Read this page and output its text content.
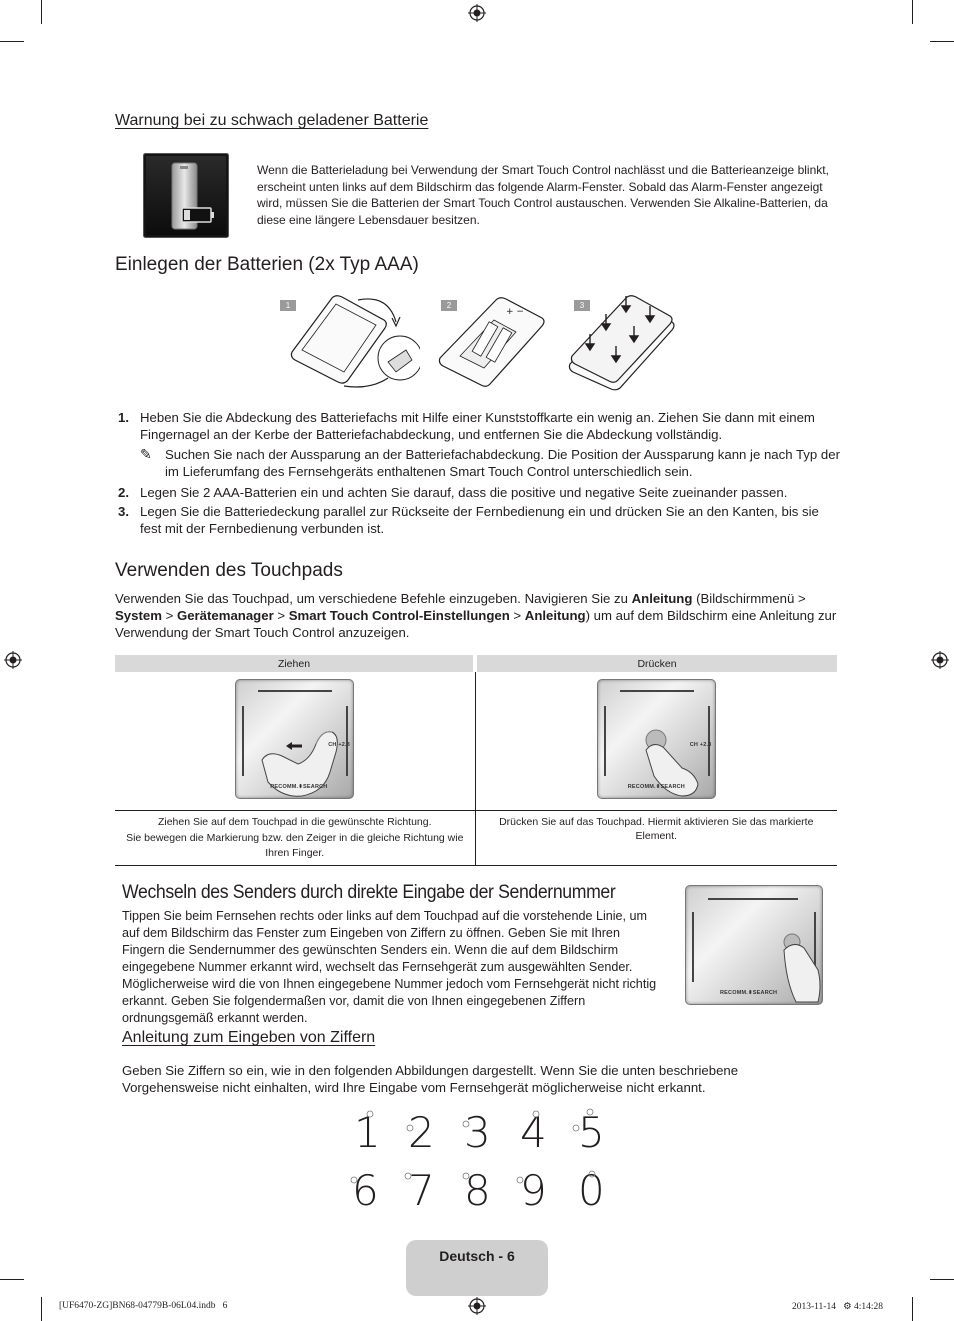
Warnung bei zu schwach geladener Batterie

Wenn die Batterieladung bei Verwendung der Smart Touch Control nachlässt und die Batterieanzeige blinkt, erscheint unten links auf dem Bildschirm das folgende Alarm-Fenster. Sobald das Alarm-Fenster angezeigt wird, müssen Sie die Batterien der Smart Touch Control austauschen. Verwenden Sie Alkaline-Batterien, da diese eine längere Lebensdauer besitzen.

Einlegen der Batterien (2x Typ AAA)
1	2
+ −
3
1. Heben Sie die Abdeckung des Batteriefachs mit Hilfe einer Kunststoffkarte ein wenig an. Ziehen Sie dann mit einem Fingernagel an der Kerbe der Batteriefachabdeckung, und entfernen Sie die Abdeckung vollständig.
✎ Suchen Sie nach der Aussparung an der Batteriefachabdeckung. Die Position der Aussparung kann je nach Typ der im Lieferumfang des Fernsehgeräts enthaltenen Smart Touch Control unterschiedlich sein.
2. Legen Sie 2 AAA-Batterien ein und achten Sie darauf, dass die positive und negative Seite zueinander passen.
3. Legen Sie die Batteriedeckung parallel zur Rückseite der Fernbedienung ein und drücken Sie an den Kanten, bis sie fest mit der Fernbedienung verbunden ist.
Verwenden des Touchpads

Verwenden Sie das Touchpad, um verschiedene Befehle einzugeben. Navigieren Sie zu Anleitung (Bildschirmmenü > System > Gerätemanager > Smart Touch Control-Einstellungen > Anleitung) um auf dem Bildschirm eine Anleitung zur Verwendung der Smart Touch Control anzuzeigen.

Ziehen	Drücken

RECOMM.⬍SEARCH
CH +2.3	RECOMM.⬍SEARCH
CH +2.3

Ziehen Sie auf dem Touchpad in die gewünschte Richtung.
Sie bewegen die Markierung bzw. den Zeiger in die gleiche Richtung wie Ihren Finger.	Drücken Sie auf das Touchpad. Hiermit aktivieren Sie das markierte Element.
Wechseln des Senders durch direkte Eingabe der Sendernummer

Tippen Sie beim Fernsehen rechts oder links auf dem Touchpad auf die vorstehende Linie, um auf dem Bildschirm das Fenster zum Eingeben von Ziffern zu öffnen. Geben Sie mit Ihren Fingern die Sendernummer des gewünschten Senders ein. Wenn die auf dem Bildschirm eingegebene Nummer erkannt wird, wechselt das Fernsehgerät zum ausgewählten Sender. Möglicherweise wird die von Ihnen eingegebene Nummer jedoch vom Fernsehgerät nicht richtig erkannt. Geben Sie folgendermaßen vor, damit die von Ihnen eingegebenen Ziffern ordnungsgemäß erkannt werden.

RECOMM.⬍SEARCH
Anleitung zum Eingeben von Ziffern

Geben Sie Ziffern so ein, wie in den folgenden Abbildungen dargestellt. Wenn Sie die unten beschriebene Vorgehensweise nicht einhalten, wird Ihre Eingabe vom Fernsehgerät möglicherweise nicht erkannt.

1 2 3 4 5
6 7 8 9 0
Deutsch - 6
[UF6470-ZG]BN68-04779B-06L04.indb   6	2013-11-14   ⚙ 4:14:28
